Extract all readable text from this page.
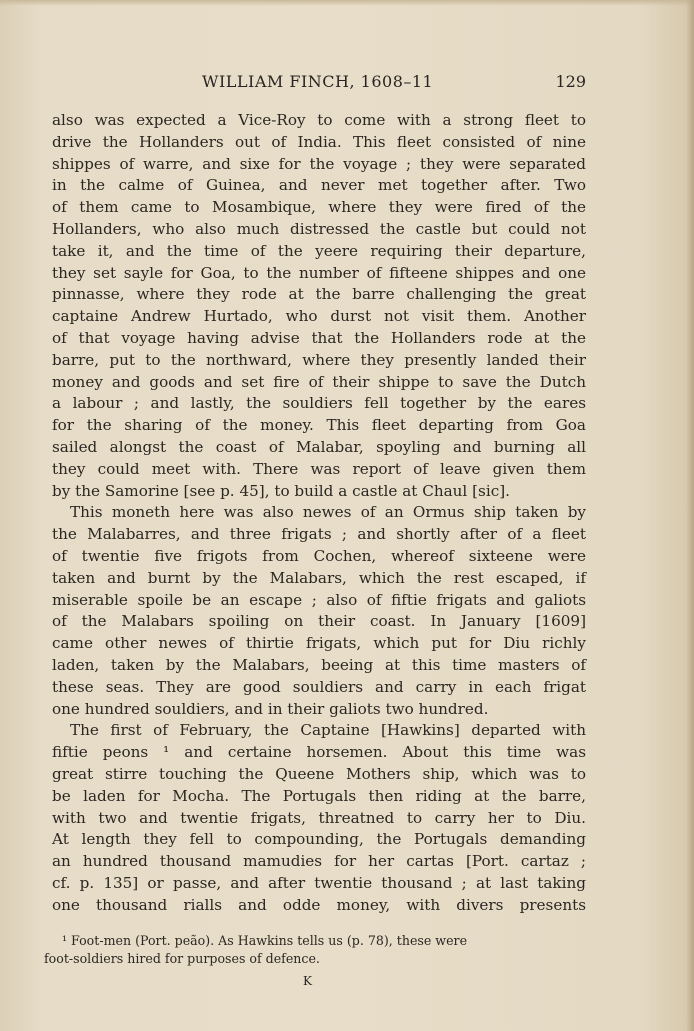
WILLIAM FINCH, 1608–11	129
also was expected a Vice-Roy to come with a strong fleet to
drive the Hollanders out of India. This fleet consisted of nine
shippes of warre, and sixe for the voyage ; they were separated
in the calme of Guinea, and never met together after. Two
of them came to Mosambique, where they were fired of the
Hollanders, who also much distressed the castle but could not
take it, and the time of the yeere requiring their departure,
they set sayle for Goa, to the number of fifteene shippes and one
pinnasse, where they rode at the barre challenging the great
captaine Andrew Hurtado, who durst not visit them. Another
of that voyage having advise that the Hollanders rode at the
barre, put to the northward, where they presently landed their
money and goods and set fire of their shippe to save the Dutch
a labour ; and lastly, the souldiers fell together by the eares
for the sharing of the money. This fleet departing from Goa
sailed alongst the coast of Malabar, spoyling and burning all
they could meet with. There was report of leave given them
by the Samorine [see p. 45], to build a castle at Chaul [sic].
This moneth here was also newes of an Ormus ship taken by
the Malabarres, and three frigats ; and shortly after of a fleet
of twentie five frigots from Cochen, whereof sixteene were
taken and burnt by the Malabars, which the rest escaped, if
miserable spoile be an escape ; also of fiftie frigats and galiots
of the Malabars spoiling on their coast. In January [1609]
came other newes of thirtie frigats, which put for Diu richly
laden, taken by the Malabars, beeing at this time masters of
these seas. They are good souldiers and carry in each frigat
one hundred souldiers, and in their galiots two hundred.
The first of February, the Captaine [Hawkins] departed with
fiftie peons ¹ and certaine horsemen. About this time was
great stirre touching the Queene Mothers ship, which was to
be laden for Mocha. The Portugals then riding at the barre,
with two and twentie frigats, threatned to carry her to Diu.
At length they fell to compounding, the Portugals demanding
an hundred thousand mamudies for her cartas [Port. cartaz ;
cf. p. 135] or passe, and after twentie thousand ; at last taking
one thousand rialls and odde money, with divers presents
¹ Foot-men (Port. peão). As Hawkins tells us (p. 78), these were
foot-soldiers hired for purposes of defence.
K
